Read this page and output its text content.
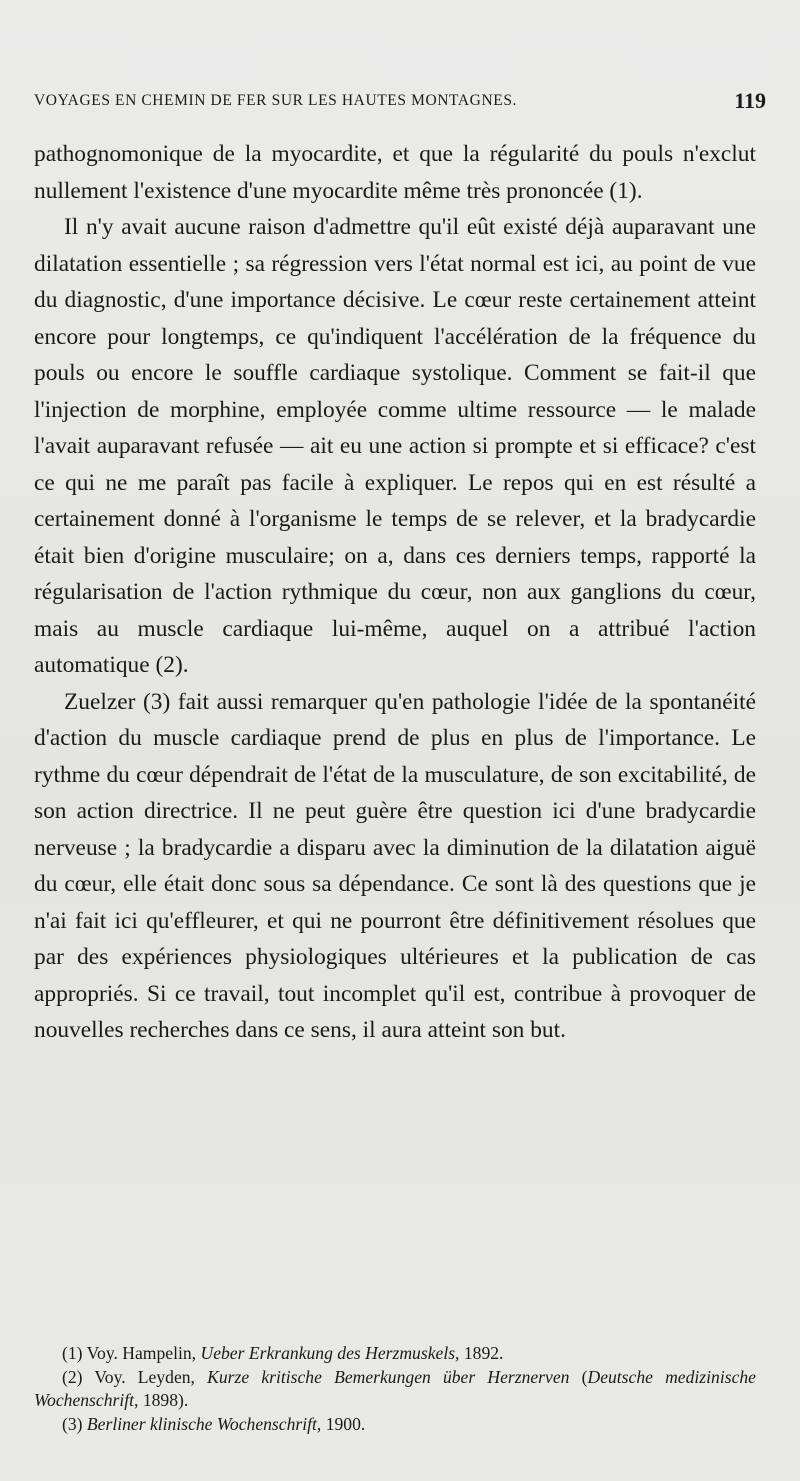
VOYAGES EN CHEMIN DE FER SUR LES HAUTES MONTAGNES.	119

pathognomonique de la myocardite, et que la régularité du pouls n'exclut nullement l'existence d'une myocardite même très prononcée (1).

Il n'y avait aucune raison d'admettre qu'il eût existé déjà auparavant une dilatation essentielle ; sa régression vers l'état normal est ici, au point de vue du diagnostic, d'une importance décisive. Le cœur reste certainement atteint encore pour longtemps, ce qu'indiquent l'accélération de la fréquence du pouls ou encore le souffle cardiaque systolique. Comment se fait-il que l'injection de morphine, employée comme ultime ressource — le malade l'avait auparavant refusée — ait eu une action si prompte et si efficace? c'est ce qui ne me paraît pas facile à expliquer. Le repos qui en est résulté a certainement donné à l'organisme le temps de se relever, et la bradycardie était bien d'origine musculaire; on a, dans ces derniers temps, rapporté la régularisation de l'action rythmique du cœur, non aux ganglions du cœur, mais au muscle cardiaque lui-même, auquel on a attribué l'action automatique (2).

Zuelzer (3) fait aussi remarquer qu'en pathologie l'idée de la spontanéité d'action du muscle cardiaque prend de plus en plus de l'importance. Le rythme du cœur dépendrait de l'état de la musculature, de son excitabilité, de son action directrice. Il ne peut guère être question ici d'une bradycardie nerveuse ; la bradycardie a disparu avec la diminution de la dilatation aiguë du cœur, elle était donc sous sa dépendance. Ce sont là des questions que je n'ai fait ici qu'effleurer, et qui ne pourront être définitivement résolues que par des expériences physiologiques ultérieures et la publication de cas appropriés. Si ce travail, tout incomplet qu'il est, contribue à provoquer de nouvelles recherches dans ce sens, il aura atteint son but.

(1) Voy. Hampelin, Ueber Erkrankung des Herzmuskels, 1892.

(2) Voy. Leyden, Kurze kritische Bemerkungen über Herznerven (Deutsche medizinische Wochenschrift, 1898).

(3) Berliner klinische Wochenschrift, 1900.
